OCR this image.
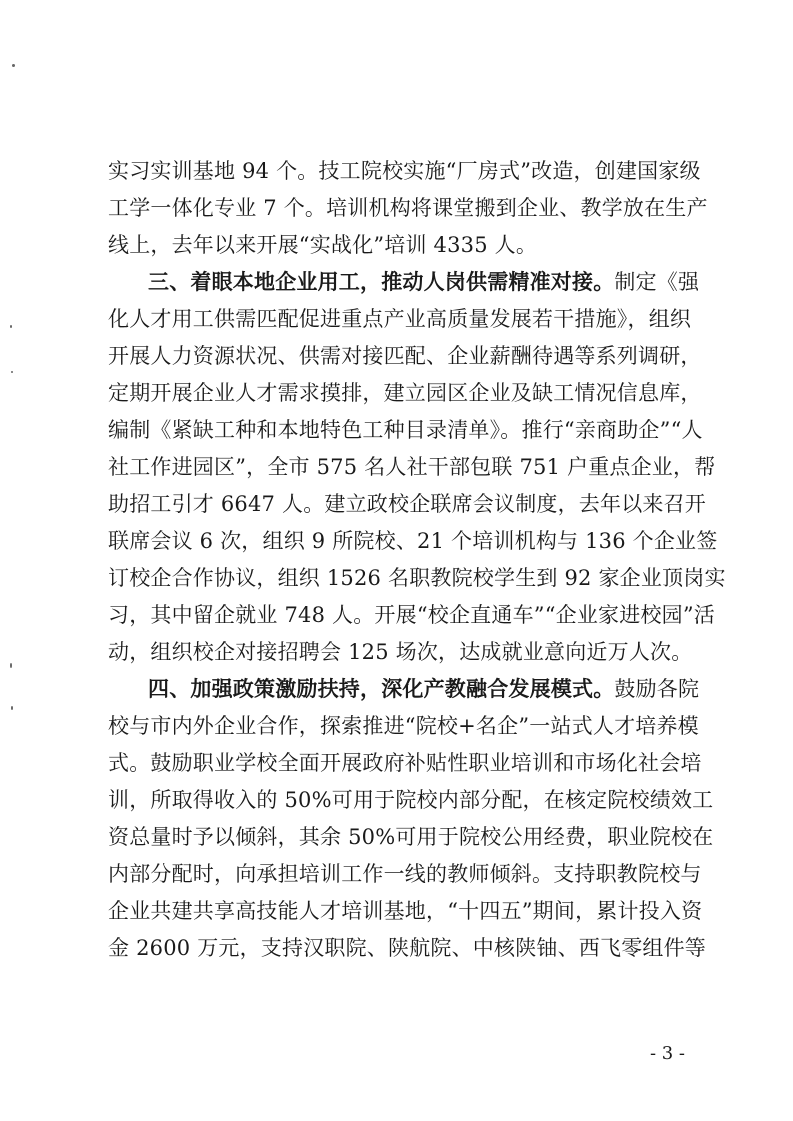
实习实训基地 94 个。技工院校实施“厂房式”改造，创建国家级
工学一体化专业 7 个。培训机构将课堂搬到企业、教学放在生产
线上，去年以来开展“实战化”培训 4335 人。
三、着眼本地企业用工，推动人岗供需精准对接。制定《强
化人才用工供需匹配促进重点产业高质量发展若干措施》，组织
开展人力资源状况、供需对接匹配、企业薪酬待遇等系列调研，
定期开展企业人才需求摸排，建立园区企业及缺工情况信息库，
编制《紧缺工种和本地特色工种目录清单》。推行“亲商助企”“人
社工作进园区”，全市 575 名人社干部包联 751 户重点企业，帮
助招工引才 6647 人。建立政校企联席会议制度，去年以来召开
联席会议 6 次，组织 9 所院校、21 个培训机构与 136 个企业签
订校企合作协议，组织 1526 名职教院校学生到 92 家企业顶岗实
习，其中留企就业 748 人。开展“校企直通车”“企业家进校园”活
动，组织校企对接招聘会 125 场次，达成就业意向近万人次。
四、加强政策激励扶持，深化产教融合发展模式。鼓励各院
校与市内外企业合作，探索推进“院校+名企”一站式人才培养模
式。鼓励职业学校全面开展政府补贴性职业培训和市场化社会培
训，所取得收入的 50%可用于院校内部分配，在核定院校绩效工
资总量时予以倾斜，其余 50%可用于院校公用经费，职业院校在
内部分配时，向承担培训工作一线的教师倾斜。支持职教院校与
企业共建共享高技能人才培训基地，“十四五”期间，累计投入资
金 2600 万元，支持汉职院、陕航院、中核陕铀、西飞零组件等
- 3 -
